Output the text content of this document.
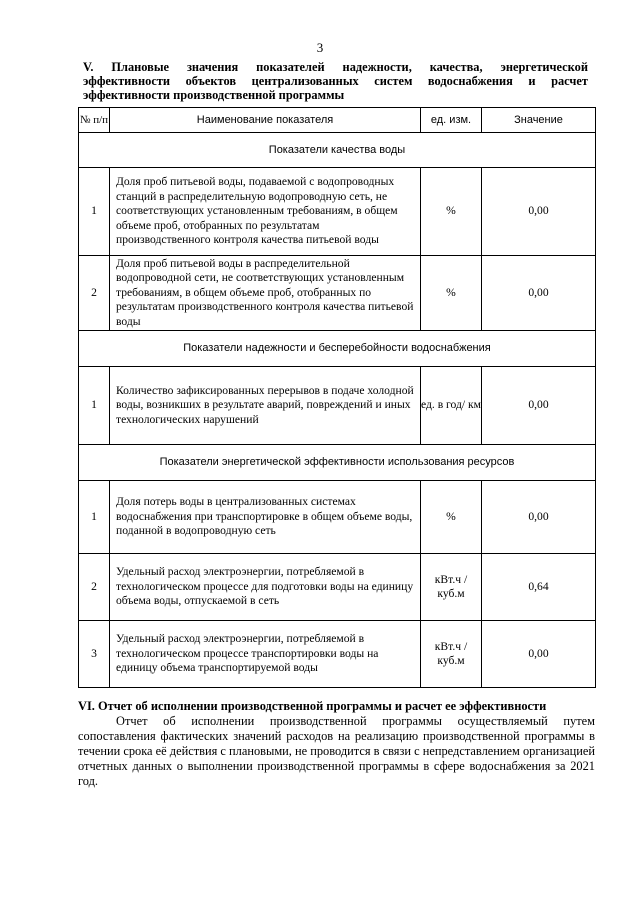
3
V. Плановые значения показателей надежности, качества, энергетической эффективности объектов централизованных систем водоснабжения и расчет эффективности производственной программы
№ п/п	Наименование показателя	ед. изм.	Значение
Показатели качества воды			
1	Доля проб питьевой воды, подаваемой с водопроводных станций в распределительную водопроводную сеть, не соответствующих установленным требованиям, в общем объеме проб, отобранных по результатам производственного контроля качества питьевой воды	%	0,00
2	Доля проб питьевой воды в распределительной водопроводной сети, не соответствующих установленным требованиям, в общем объеме проб, отобранных по результатам производственного контроля качества питьевой воды	%	0,00
Показатели надежности и бесперебойности водоснабжения			
1	Количество зафиксированных перерывов в подаче холодной воды, возникших в результате аварий, повреждений и иных технологических нарушений	ед. в год/ км	0,00
Показатели энергетической эффективности использования ресурсов			
1	Доля потерь воды в централизованных системах водоснабжения при транспортировке в общем объеме воды, поданной в водопроводную сеть	%	0,00
2	Удельный расход электроэнергии, потребляемой в технологическом процессе для подготовки воды на единицу объема воды, отпускаемой в сеть	кВт.ч / куб.м	0,64
3	Удельный расход электроэнергии, потребляемой в технологическом процессе транспортировки воды на единицу объема транспортируемой воды	кВт.ч / куб.м	0,00
VI. Отчет об исполнении производственной программы и расчет ее эффективности
Отчет об исполнении производственной программы осуществляемый путем сопоставления фактических значений расходов на реализацию производственной программы в течении срока её действия с плановыми, не проводится в связи с непредставлением организацией отчетных данных о выполнении производственной программы в сфере водоснабжения за 2021 год.
